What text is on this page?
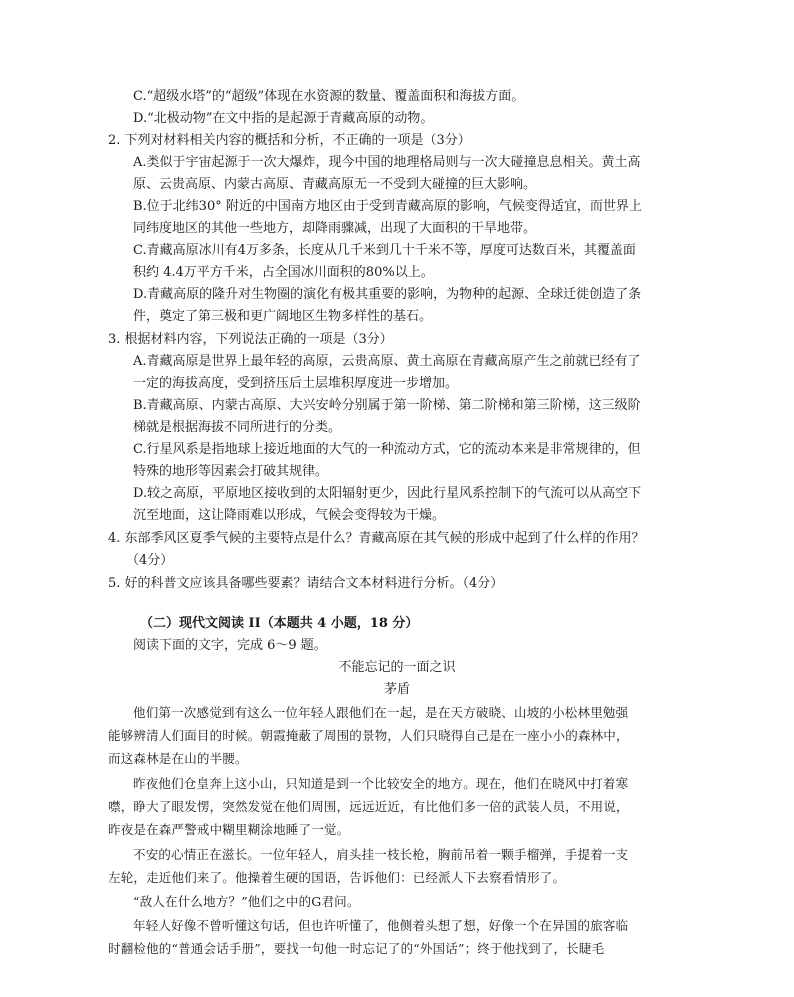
C.“超级水塔”的“超级”体现在水资源的数量、覆盖面积和海拔方面。
D.“北极动物”在文中指的是起源于青藏高原的动物。
2. 下列对材料相关内容的概括和分析，不正确的一项是（3分）
A.类似于宇宙起源于一次大爆炸，现今中国的地理格局则与一次大碰撞息息相关。黄土高
原、云贵高原、内蒙古高原、青藏高原无一不受到大碰撞的巨大影响。
B.位于北纬30° 附近的中国南方地区由于受到青藏高原的影响，气候变得适宜，而世界上
同纬度地区的其他一些地方，却降雨骤减，出现了大面积的干旱地带。
C.青藏高原冰川有4万多条，长度从几千米到几十千米不等，厚度可达数百米，其覆盖面
积约 4.4万平方千米，占全国冰川面积的80%以上。
D.青藏高原的隆升对生物圈的演化有极其重要的影响，为物种的起源、全球迁徙创造了条
件，奠定了第三极和更广阔地区生物多样性的基石。
3. 根据材料内容，下列说法正确的一项是（3分）
A.青藏高原是世界上最年轻的高原，云贵高原、黄土高原在青藏高原产生之前就已经有了
一定的海拔高度，受到挤压后土层堆积厚度进一步增加。
B.青藏高原、内蒙古高原、大兴安岭分别属于第一阶梯、第二阶梯和第三阶梯，这三级阶
梯就是根据海拔不同所进行的分类。
C.行星风系是指地球上接近地面的大气的一种流动方式，它的流动本来是非常规律的，但
特殊的地形等因素会打破其规律。
D.较之高原，平原地区接收到的太阳辐射更少，因此行星风系控制下的气流可以从高空下
沉至地面，这让降雨难以形成，气候会变得较为干燥。
4. 东部季风区夏季气候的主要特点是什么？青藏高原在其气候的形成中起到了什么样的作用？
（4分）
5. 好的科普文应该具备哪些要素？请结合文本材料进行分析。（4分）
（二）现代文阅读 II（本题共 4 小题，18 分）
阅读下面的文字，完成 6～9 题。
不能忘记的一面之识
茅盾
他们第一次感觉到有这么一位年轻人跟他们在一起，是在天方破晓、山坡的小松林里勉强
能够辨清人们面目的时候。朝霞掩蔽了周围的景物，人们只晓得自己是在一座小小的森林中，
而这森林是在山的半腰。
昨夜他们仓皇奔上这小山，只知道是到一个比较安全的地方。现在，他们在晓风中打着寒
噤，睁大了眼发愣，突然发觉在他们周围，远远近近，有比他们多一倍的武装人员，不用说，
昨夜是在森严警戒中糊里糊涂地睡了一觉。
不安的心情正在滋长。一位年轻人，肩头挂一枝长枪，胸前吊着一颗手榴弹，手提着一支
左轮，走近他们来了。他操着生硬的国语，告诉他们：已经派人下去察看情形了。
“敌人在什么地方？”他们之中的G君问。
年轻人好像不曾听懂这句话，但也许听懂了，他侧着头想了想，好像一个在异国的旅客临
时翻检他的“普通会话手册”，要找一句他一时忘记了的“外国话”；终于他找到了，长睫毛
